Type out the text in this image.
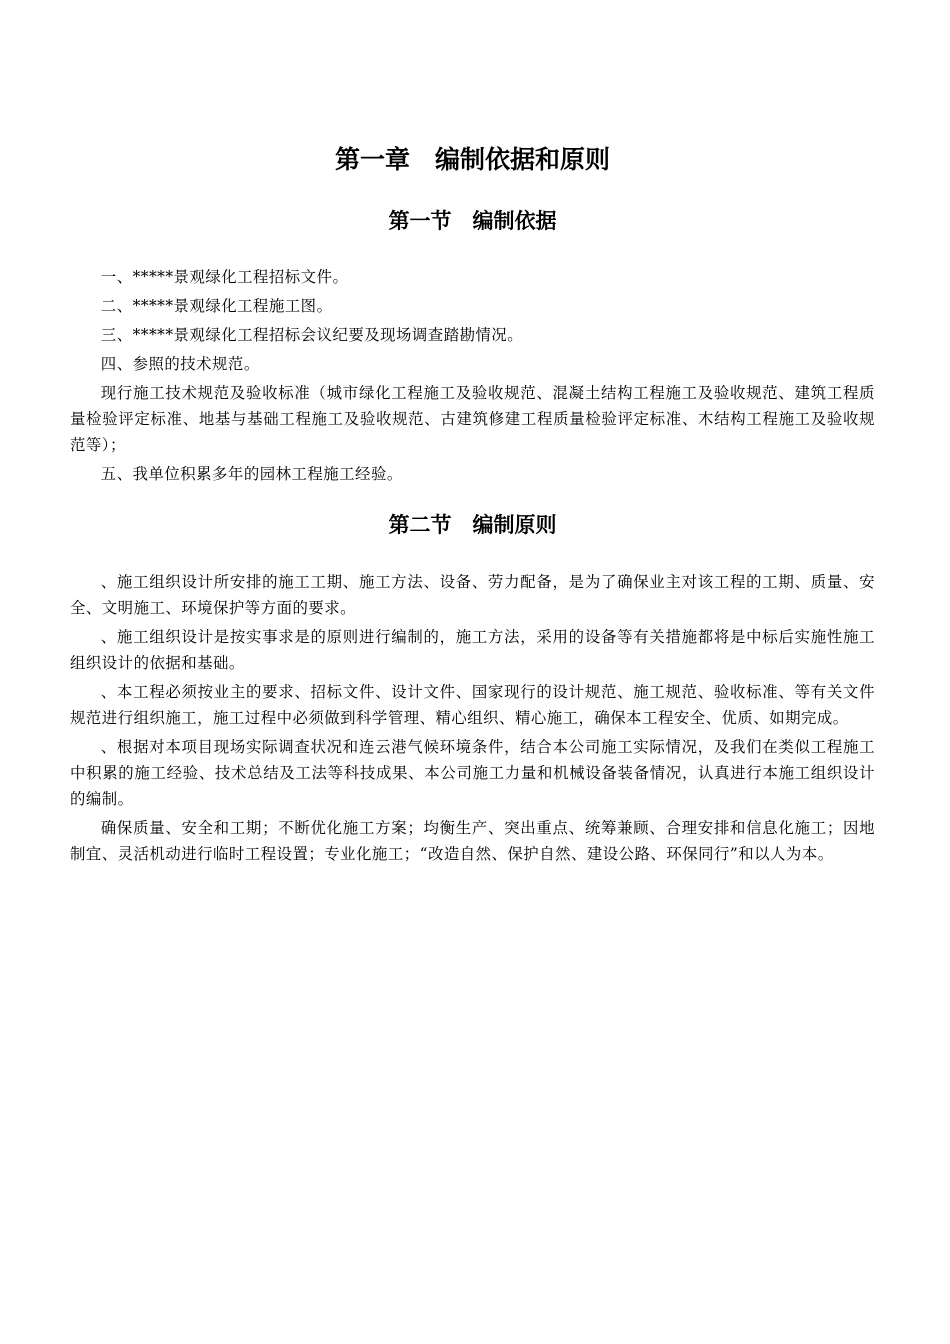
第一章　编制依据和原则
第一节　编制依据

一、*****景观绿化工程招标文件。

二、*****景观绿化工程施工图。

三、*****景观绿化工程招标会议纪要及现场调查踏勘情况。

四、参照的技术规范。

现行施工技术规范及验收标准（城市绿化工程施工及验收规范、混凝土结构工程施工及验收规范、建筑工程质量检验评定标准、地基与基础工程施工及验收规范、古建筑修建工程质量检验评定标准、木结构工程施工及验收规范等）；

五、我单位积累多年的园林工程施工经验。

第二节　编制原则

、施工组织设计所安排的施工工期、施工方法、设备、劳力配备，是为了确保业主对该工程的工期、质量、安全、文明施工、环境保护等方面的要求。

、施工组织设计是按实事求是的原则进行编制的，施工方法，采用的设备等有关措施都将是中标后实施性施工组织设计的依据和基础。

、本工程必须按业主的要求、招标文件、设计文件、国家现行的设计规范、施工规范、验收标准、等有关文件规范进行组织施工，施工过程中必须做到科学管理、精心组织、精心施工，确保本工程安全、优质、如期完成。

、根据对本项目现场实际调查状况和连云港气候环境条件，结合本公司施工实际情况，及我们在类似工程施工中积累的施工经验、技术总结及工法等科技成果、本公司施工力量和机械设备装备情况，认真进行本施工组织设计的编制。

确保质量、安全和工期；不断优化施工方案；均衡生产、突出重点、统筹兼顾、合理安排和信息化施工；因地制宜、灵活机动进行临时工程设置；专业化施工；“改造自然、保护自然、建设公路、环保同行”和以人为本。
